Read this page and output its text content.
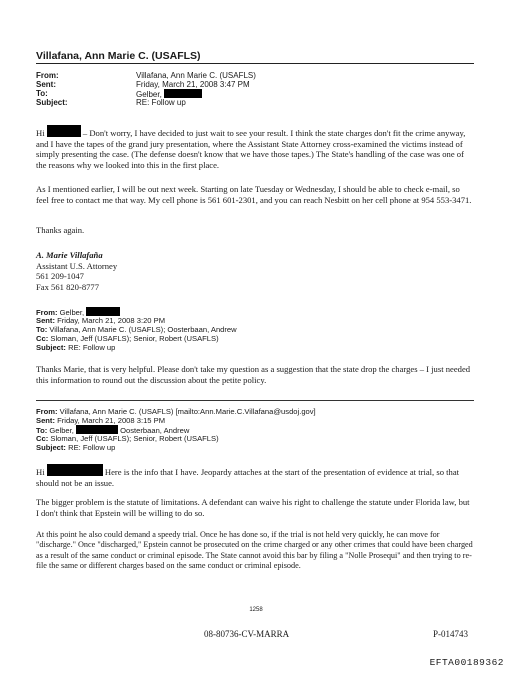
Villafana, Ann Marie C. (USAFLS)
From:	Villafana, Ann Marie C. (USAFLS)
Sent:	Friday, March 21, 2008 3:47 PM
To:	Gelber,
Subject:	RE: Follow up
Hi	– Don't worry, I have decided to just wait to see your result. I think the state charges don't fit the crime anyway, and I have the tapes of the grand jury presentation, where the Assistant State Attorney cross-examined the victims instead of simply presenting the case. (The defense doesn't know that we have those tapes.) The State's handling of the case was one of the reasons why we looked into this in the first place.
As I mentioned earlier, I will be out next week. Starting on late Tuesday or Wednesday, I should be able to check e-mail, so feel free to contact me that way. My cell phone is 561 601-2301, and you can reach Nesbitt on her cell phone at 954 553-3471.
Thanks again.
A. Marie Villafaña
Assistant U.S. Attorney
561 209-1047
Fax 561 820-8777
From: Gelber,
Sent: Friday, March 21, 2008 3:20 PM
To: Villafana, Ann Marie C. (USAFLS); Oosterbaan, Andrew
Cc: Sloman, Jeff (USAFLS); Senior, Robert (USAFLS)
Subject: RE: Follow up
Thanks Marie, that is very helpful. Please don't take my question as a suggestion that the state drop the charges – I just needed this information to round out the discussion about the petite policy.
From: Villafana, Ann Marie C. (USAFLS) [mailto:Ann.Marie.C.Villafana@usdoj.gov]
Sent: Friday, March 21, 2008 3:15 PM
To: Gelber,	Oosterbaan, Andrew
Cc: Sloman, Jeff (USAFLS); Senior, Robert (USAFLS)
Subject: RE: Follow up
Hi	Here is the info that I have. Jeopardy attaches at the start of the presentation of evidence at trial, so that should not be an issue.
The bigger problem is the statute of limitations. A defendant can waive his right to challenge the statute under Florida law, but I don't think that Epstein will be willing to do so.
At this point he also could demand a speedy trial. Once he has done so, if the trial is not held very quickly, he can move for "discharge." Once "discharged," Epstein cannot be prosecuted on the crime charged or any other crimes that could have been charged as a result of the same conduct or criminal episode. The State cannot avoid this bar by filing a "Nolle Prosequi" and then trying to re-file the same or different charges based on the same conduct or criminal episode.
1258
08-80736-CV-MARRA	P-014743
EFTA00189362
